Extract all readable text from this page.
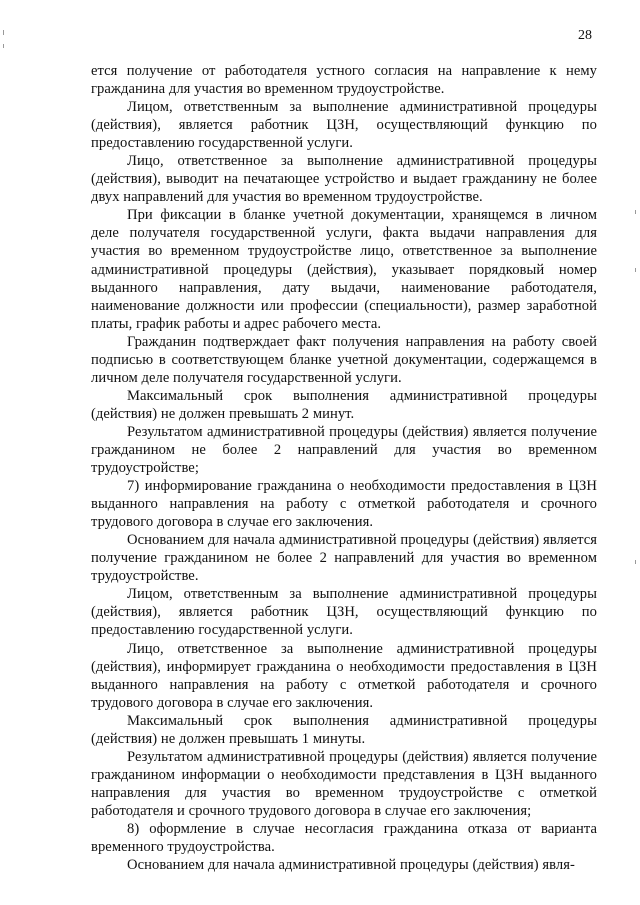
28

ется получение от работодателя устного согласия на направление к нему гражданина для участия во временном трудоустройстве.

Лицом, ответственным за выполнение административной процедуры (действия), является работник ЦЗН, осуществляющий функцию по предоставлению государственной услуги.

Лицо, ответственное за выполнение административной процедуры (действия), выводит на печатающее устройство и выдает гражданину не более двух направлений для участия во временном трудоустройстве.

При фиксации в бланке учетной документации, хранящемся в личном деле получателя государственной услуги, факта выдачи направления для участия во временном трудоустройстве лицо, ответственное за выполнение административной процедуры (действия), указывает порядковый номер выданного направления, дату выдачи, наименование работодателя, наименование должности или профессии (специальности), размер заработной платы, график работы и адрес рабочего места.

Гражданин подтверждает факт получения направления на работу своей подписью в соответствующем бланке учетной документации, содержащемся в личном деле получателя государственной услуги.

Максимальный срок выполнения административной процедуры (действия) не должен превышать 2 минут.

Результатом административной процедуры (действия) является получение гражданином не более 2 направлений для участия во временном трудоустройстве;

7) информирование гражданина о необходимости предоставления в ЦЗН выданного направления на работу с отметкой работодателя и срочного трудового договора в случае его заключения.

Основанием для начала административной процедуры (действия) является получение гражданином не более 2 направлений для участия во временном трудоустройстве.

Лицом, ответственным за выполнение административной процедуры (действия), является работник ЦЗН, осуществляющий функцию по предоставлению государственной услуги.

Лицо, ответственное за выполнение административной процедуры (действия), информирует гражданина о необходимости предоставления в ЦЗН выданного направления на работу с отметкой работодателя и срочного трудового договора в случае его заключения.

Максимальный срок выполнения административной процедуры (действия) не должен превышать 1 минуты.

Результатом административной процедуры (действия) является получение гражданином информации о необходимости представления в ЦЗН выданного направления для участия во временном трудоустройстве с отметкой работодателя и срочного трудового договора в случае его заключения;

8) оформление в случае несогласия гражданина отказа от варианта временного трудоустройства.

Основанием для начала административной процедуры (действия) явля-
